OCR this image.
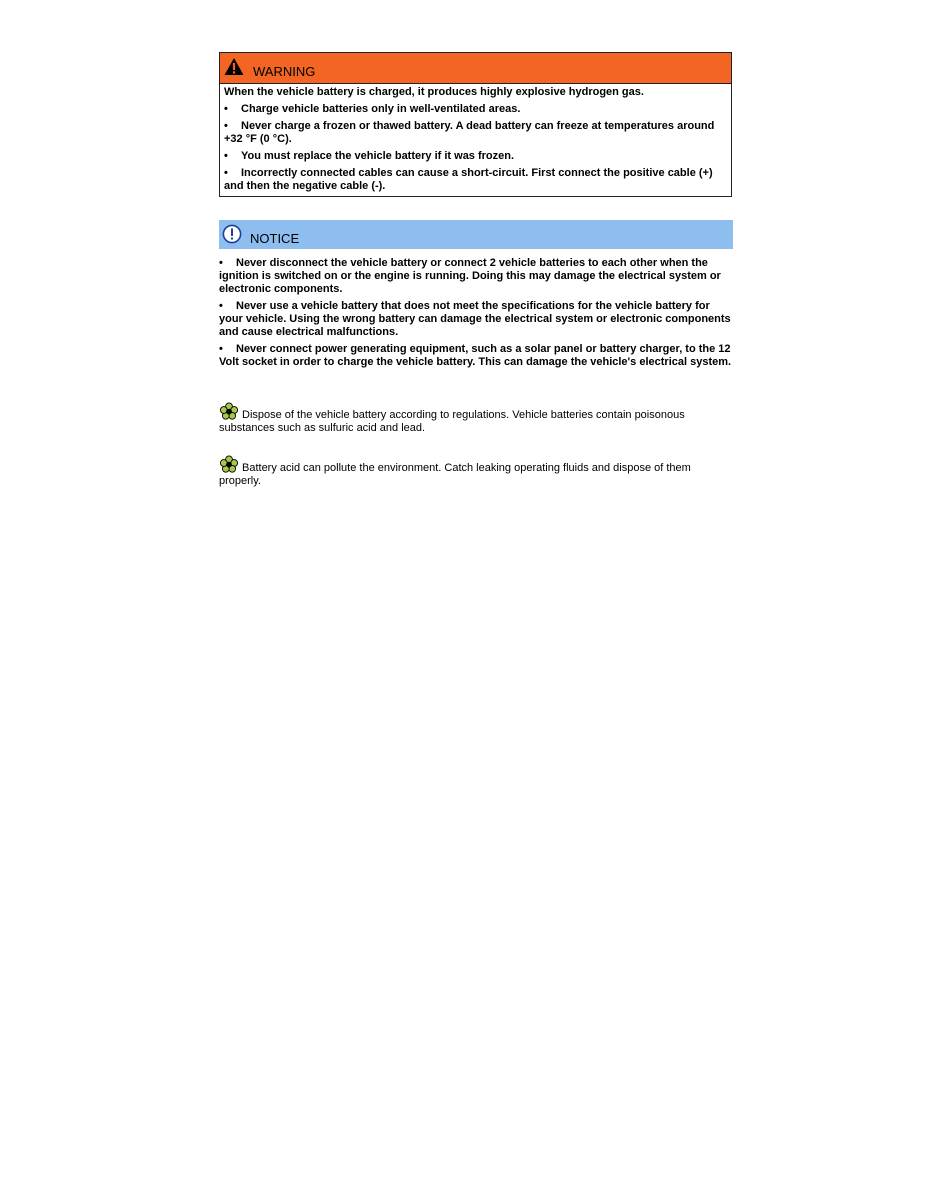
WARNING

When the vehicle battery is charged, it produces highly explosive hydrogen gas.

• Charge vehicle batteries only in well-ventilated areas.

• Never charge a frozen or thawed battery. A dead battery can freeze at temperatures around +32 °F (0 °C).

• You must replace the vehicle battery if it was frozen.

• Incorrectly connected cables can cause a short-circuit. First connect the positive cable (+) and then the negative cable (-).

NOTICE

• Never disconnect the vehicle battery or connect 2 vehicle batteries to each other when the ignition is switched on or the engine is running. Doing this may damage the electrical system or electronic components.

• Never use a vehicle battery that does not meet the specifications for the vehicle battery for your vehicle. Using the wrong battery can damage the electrical system or electronic components and cause electrical malfunctions.

• Never connect power generating equipment, such as a solar panel or battery charger, to the 12 Volt socket in order to charge the vehicle battery. This can damage the vehicle's electrical system.

Dispose of the vehicle battery according to regulations. Vehicle batteries contain poisonous substances such as sulfuric acid and lead.
Battery acid can pollute the environment. Catch leaking operating fluids and dispose of them properly.
